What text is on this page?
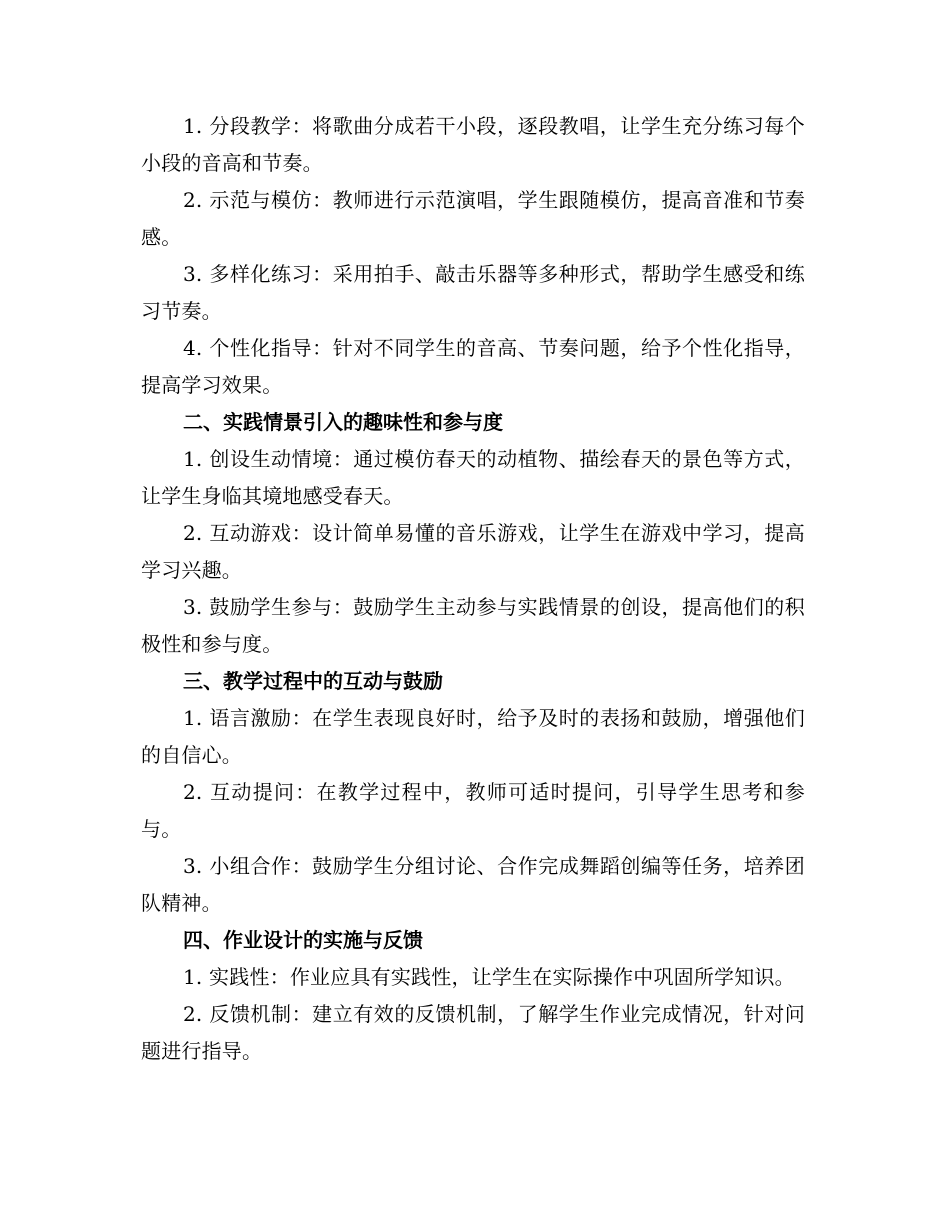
1. 分段教学：将歌曲分成若干小段，逐段教唱，让学生充分练习每个小段的音高和节奏。

2. 示范与模仿：教师进行示范演唱，学生跟随模仿，提高音准和节奏感。

3. 多样化练习：采用拍手、敲击乐器等多种形式，帮助学生感受和练习节奏。

4. 个性化指导：针对不同学生的音高、节奏问题，给予个性化指导，提高学习效果。

二、实践情景引入的趣味性和参与度

1. 创设生动情境：通过模仿春天的动植物、描绘春天的景色等方式，让学生身临其境地感受春天。

2. 互动游戏：设计简单易懂的音乐游戏，让学生在游戏中学习，提高学习兴趣。

3. 鼓励学生参与：鼓励学生主动参与实践情景的创设，提高他们的积极性和参与度。

三、教学过程中的互动与鼓励

1. 语言激励：在学生表现良好时，给予及时的表扬和鼓励，增强他们的自信心。

2. 互动提问：在教学过程中，教师可适时提问，引导学生思考和参与。

3. 小组合作：鼓励学生分组讨论、合作完成舞蹈创编等任务，培养团队精神。

四、作业设计的实施与反馈

1. 实践性：作业应具有实践性，让学生在实际操作中巩固所学知识。

2. 反馈机制：建立有效的反馈机制，了解学生作业完成情况，针对问题进行指导。
